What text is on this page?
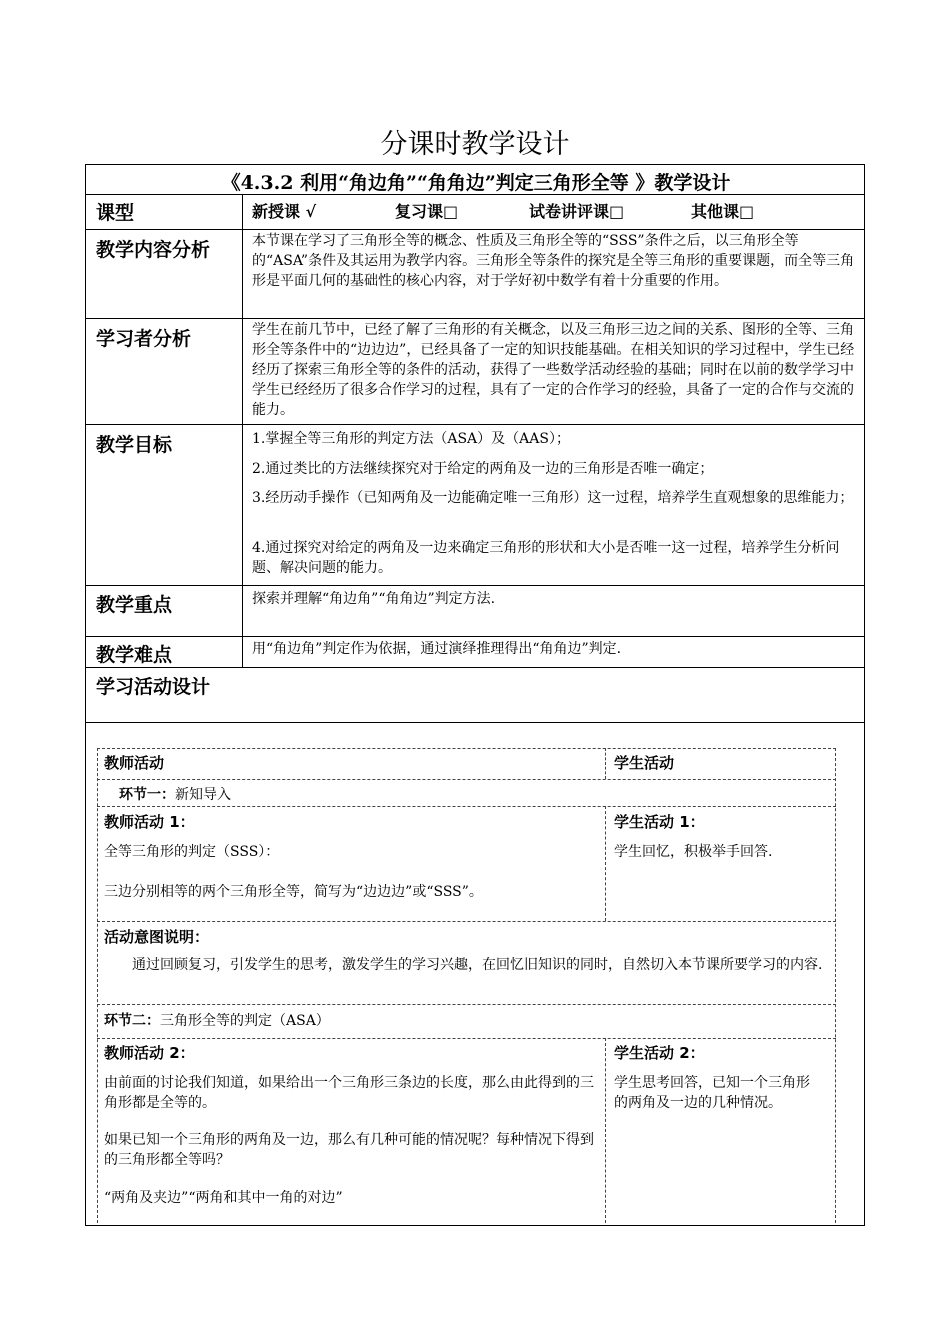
分课时教学设计
《4.3.2 利用“角边角”“角角边”判定三角形全等 》教学设计
课型	新授课 √	复习课□	试卷讲评课□	其他课□
教学内容分析	本节课在学习了三角形全等的概念、性质及三角形全等的“SSS”条件之后，以三角形全等的“ASA”条件及其运用为教学内容。三角形全等条件的探究是全等三角形的重要课题，而全等三角形是平面几何的基础性的核心内容，对于学好初中数学有着十分重要的作用。
学习者分析	学生在前几节中，已经了解了三角形的有关概念，以及三角形三边之间的关系、图形的全等、三角形全等条件中的“边边边”，已经具备了一定的知识技能基础。在相关知识的学习过程中，学生已经经历了探索三角形全等的条件的活动，获得了一些数学活动经验的基础；同时在以前的数学学习中学生已经经历了很多合作学习的过程，具有了一定的合作学习的经验，具备了一定的合作与交流的能力。
教学目标	1.掌握全等三角形的判定方法（ASA）及（AAS）；
2.通过类比的方法继续探究对于给定的两角及一边的三角形是否唯一确定；
3.经历动手操作（已知两角及一边能确定唯一三角形）这一过程，培养学生直观想象的思维能力；
4.通过探究对给定的两角及一边来确定三角形的形状和大小是否唯一这一过程，培养学生分析问题、解决问题的能力。
教学重点	探索并理解“角边角”“角角边”判定方法.
教学难点	用“角边角”判定作为依据，通过演绎推理得出“角角边”判定.
学习活动设计
教师活动	学生活动
环节一：新知导入
教师活动 1：
全等三角形的判定（SSS）：
三边分别相等的两个三角形全等，简写为“边边边”或“SSS”。
学生活动 1：
学生回忆，积极举手回答.
活动意图说明：
通过回顾复习，引发学生的思考，激发学生的学习兴趣，在回忆旧知识的同时，自然切入本节课所要学习的内容.
环节二：三角形全等的判定（ASA）
教师活动 2：
由前面的讨论我们知道，如果给出一个三角形三条边的长度，那么由此得到的三角形都是全等的。
如果已知一个三角形的两角及一边，那么有几种可能的情况呢？每种情况下得到的三角形都全等吗？
“两角及夹边”“两角和其中一角的对边”
学生活动 2：
学生思考回答，已知一个三角形的两角及一边的几种情况。
